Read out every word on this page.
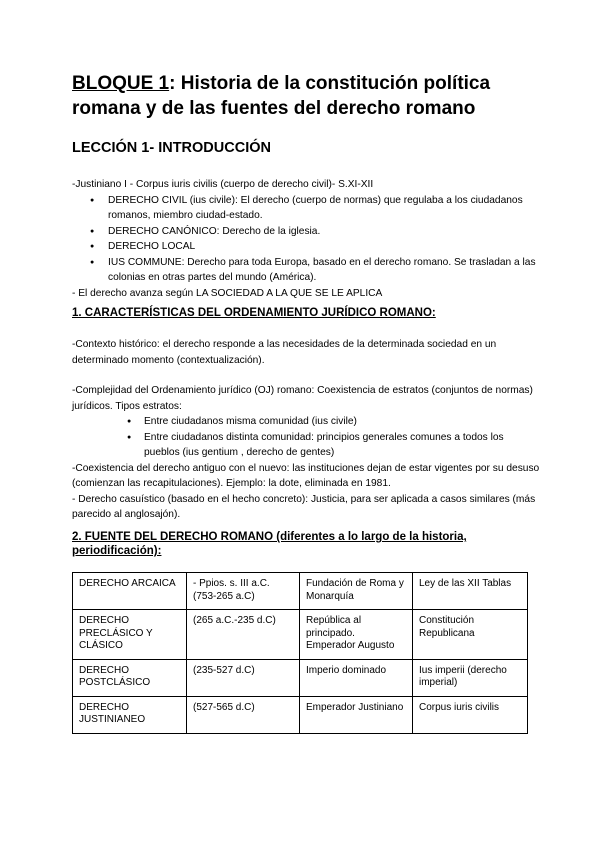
BLOQUE 1: Historia de la constitución política romana y de las fuentes del derecho romano
LECCIÓN 1- INTRODUCCIÓN
-Justiniano I - Corpus iuris civilis (cuerpo de derecho civil)- S.XI-XII
● DERECHO CIVIL (ius civile): El derecho (cuerpo de normas) que regulaba a los ciudadanos romanos, miembro ciudad-estado.
● DERECHO CANÓNICO: Derecho de la iglesia.
● DERECHO LOCAL
● IUS COMMUNE: Derecho para toda Europa, basado en el derecho romano. Se trasladan a las colonias en otras partes del mundo (América).
- El derecho avanza según LA SOCIEDAD A LA QUE SE LE APLICA
1. CARACTERÍSTICAS DEL ORDENAMIENTO JURÍDICO ROMANO:
-Contexto histórico: el derecho responde a las necesidades de la determinada sociedad en un determinado momento (contextualización).
-Complejidad del Ordenamiento jurídico (OJ) romano: Coexistencia de estratos (conjuntos de normas) jurídicos. Tipos estratos:
● Entre ciudadanos misma comunidad (ius civile)
● Entre ciudadanos distinta comunidad: principios generales comunes a todos los pueblos (ius gentium , derecho de gentes)
-Coexistencia del derecho antiguo con el nuevo: las instituciones dejan de estar vigentes por su desuso (comienzan las recapitulaciones). Ejemplo: la dote, eliminada en 1981.
- Derecho casuístico (basado en el hecho concreto): Justicia, para ser aplicada a casos similares (más parecido al anglosajón).
2. FUENTE DEL DERECHO ROMANO (diferentes a lo largo de la historia, periodificación):
DERECHO ARCAICA	- Ppios. s. III a.C. (753-265 a.C)	Fundación de Roma y Monarquía	Ley de las XII Tablas
DERECHO PRECLÁSICO Y CLÁSICO	(265 a.C.-235 d.C)	República al principado. Emperador Augusto	Constitución Republicana
DERECHO POSTCLÁSICO	(235-527 d.C)	Imperio dominado	Ius imperii (derecho imperial)
DERECHO JUSTINIANEO	(527-565 d.C)	Emperador Justiniano	Corpus iuris civilis
